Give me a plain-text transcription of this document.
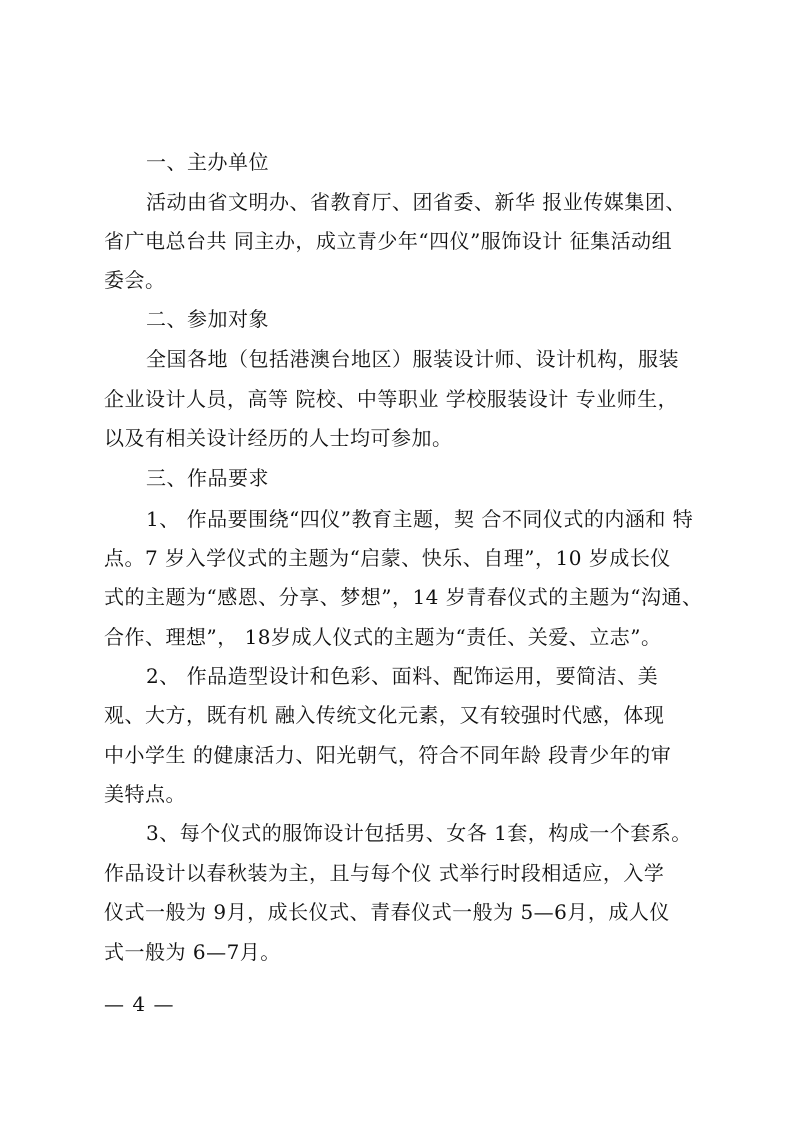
一、主办单位
活动由省文明办、省教育厅、团省委、新华 报业传媒集团、
省广电总台共 同主办，成立青少年“四仪”服饰设计 征集活动组
委会。
二、参加对象
全国各地（包括港澳台地区）服装设计师、设计机构，服装
企业设计人员，高等 院校、中等职业 学校服装设计 专业师生，
以及有相关设计经历的人士均可参加。
三、作品要求
1、 作品要围绕“四仪”教育主题，契 合不同仪式的内涵和 特
点。7 岁入学仪式的主题为“启蒙、快乐、自理”，10 岁成长仪
式的主题为“感恩、分享、梦想”，14 岁青春仪式的主题为“沟通、
合作、理想”， 18岁成人仪式的主题为“责任、关爱、立志”。
2、 作品造型设计和色彩、面料、配饰运用，要简洁、美
观、大方，既有机 融入传统文化元素，又有较强时代感，体现
中小学生 的健康活力、阳光朝气，符合不同年龄 段青少年的审
美特点。
3、每个仪式的服饰设计包括男、女各 1套，构成一个套系。
作品设计以春秋装为主，且与每个仪 式举行时段相适应，入学
仪式一般为 9月，成长仪式、青春仪式一般为 5—6月，成人仪
式一般为 6—7月。
— 4 —
